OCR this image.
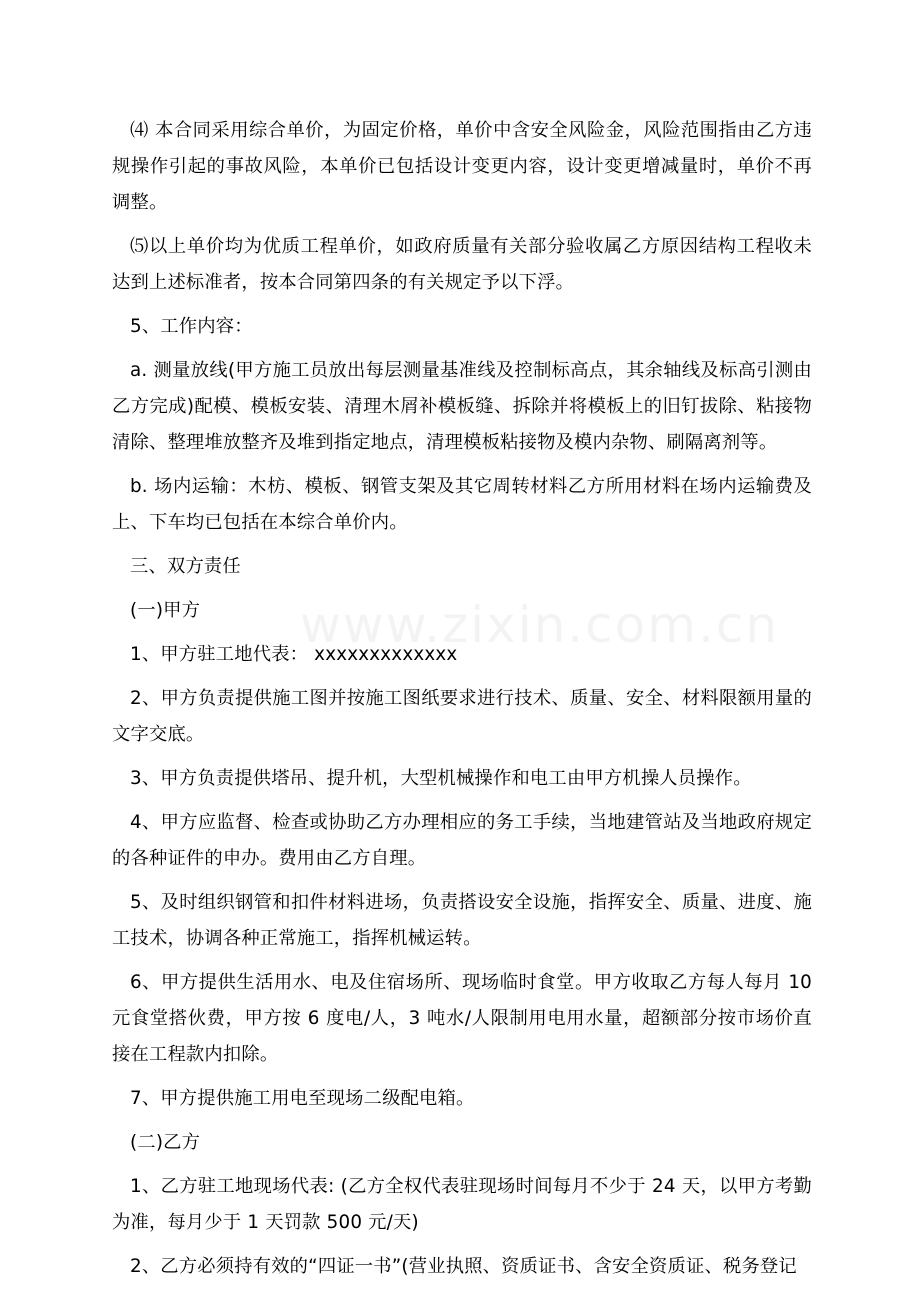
⑷ 本合同采用综合单价，为固定价格，单价中含安全风险金，风险范围指由乙方违规操作引起的事故风险，本单价已包括设计变更内容，设计变更增减量时，单价不再调整。

⑸以上单价均为优质工程单价，如政府质量有关部分验收属乙方原因结构工程收未达到上述标准者，按本合同第四条的有关规定予以下浮。

5、工作内容：

a. 测量放线(甲方施工员放出每层测量基准线及控制标高点，其余轴线及标高引测由乙方完成)配模、模板安装、清理木屑补模板缝、拆除并将模板上的旧钉拔除、粘接物清除、整理堆放整齐及堆到指定地点，清理模板粘接物及模内杂物、刷隔离剂等。

b. 场内运输：木枋、模板、钢管支架及其它周转材料乙方所用材料在场内运输费及上、下车均已包括在本综合单价内。

三、双方责任

(一)甲方

1、甲方驻工地代表： xxxxxxxxxxxxx

2、甲方负责提供施工图并按施工图纸要求进行技术、质量、安全、材料限额用量的文字交底。

3、甲方负责提供塔吊、提升机，大型机械操作和电工由甲方机操人员操作。

4、甲方应监督、检查或协助乙方办理相应的务工手续，当地建管站及当地政府规定的各种证件的申办。费用由乙方自理。

5、及时组织钢管和扣件材料进场，负责搭设安全设施，指挥安全、质量、进度、施工技术，协调各种正常施工，指挥机械运转。

6、甲方提供生活用水、电及住宿场所、现场临时食堂。甲方收取乙方每人每月 10 元食堂搭伙费，甲方按 6 度电/人，3 吨水/人限制用电用水量，超额部分按市场价直接在工程款内扣除。

7、甲方提供施工用电至现场二级配电箱。

(二)乙方

1、乙方驻工地现场代表: (乙方全权代表驻现场时间每月不少于 24 天，以甲方考勤为准，每月少于 1 天罚款 500 元/天)

2、乙方必须持有效的“四证一书”(营业执照、资质证书、含安全资质证、税务登记
